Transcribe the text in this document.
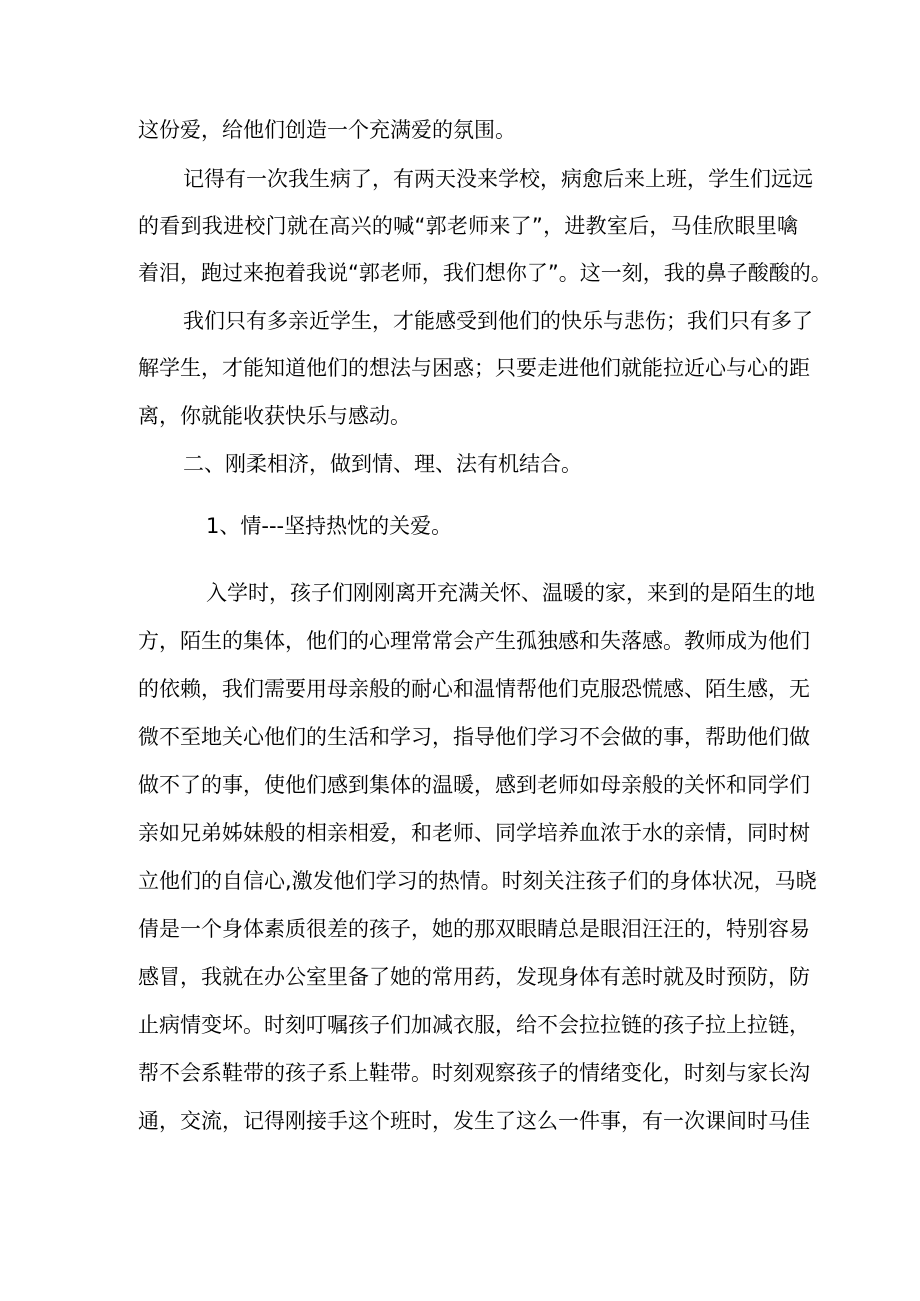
这份爱，给他们创造一个充满爱的氛围。
记得有一次我生病了，有两天没来学校，病愈后来上班，学生们远远
的看到我进校门就在高兴的喊“郭老师来了”，进教室后，马佳欣眼里噙
着泪，跑过来抱着我说“郭老师，我们想你了”。这一刻，我的鼻子酸酸的。
我们只有多亲近学生，才能感受到他们的快乐与悲伤；我们只有多了
解学生，才能知道他们的想法与困惑；只要走进他们就能拉近心与心的距
离，你就能收获快乐与感动。
二、刚柔相济，做到情、理、法有机结合。
1、情---坚持热忱的关爱。
入学时，孩子们刚刚离开充满关怀、温暖的家，来到的是陌生的地
方，陌生的集体，他们的心理常常会产生孤独感和失落感。教师成为他们
的依赖，我们需要用母亲般的耐心和温情帮他们克服恐慌感、陌生感，无
微不至地关心他们的生活和学习，指导他们学习不会做的事，帮助他们做
做不了的事，使他们感到集体的温暖，感到老师如母亲般的关怀和同学们
亲如兄弟姊妹般的相亲相爱，和老师、同学培养血浓于水的亲情，同时树
立他们的自信心,激发他们学习的热情。时刻关注孩子们的身体状况，马晓
倩是一个身体素质很差的孩子，她的那双眼睛总是眼泪汪汪的，特别容易
感冒，我就在办公室里备了她的常用药，发现身体有恙时就及时预防，防
止病情变坏。时刻叮嘱孩子们加减衣服，给不会拉拉链的孩子拉上拉链，
帮不会系鞋带的孩子系上鞋带。时刻观察孩子的情绪变化，时刻与家长沟
通，交流，记得刚接手这个班时，发生了这么一件事，有一次课间时马佳
